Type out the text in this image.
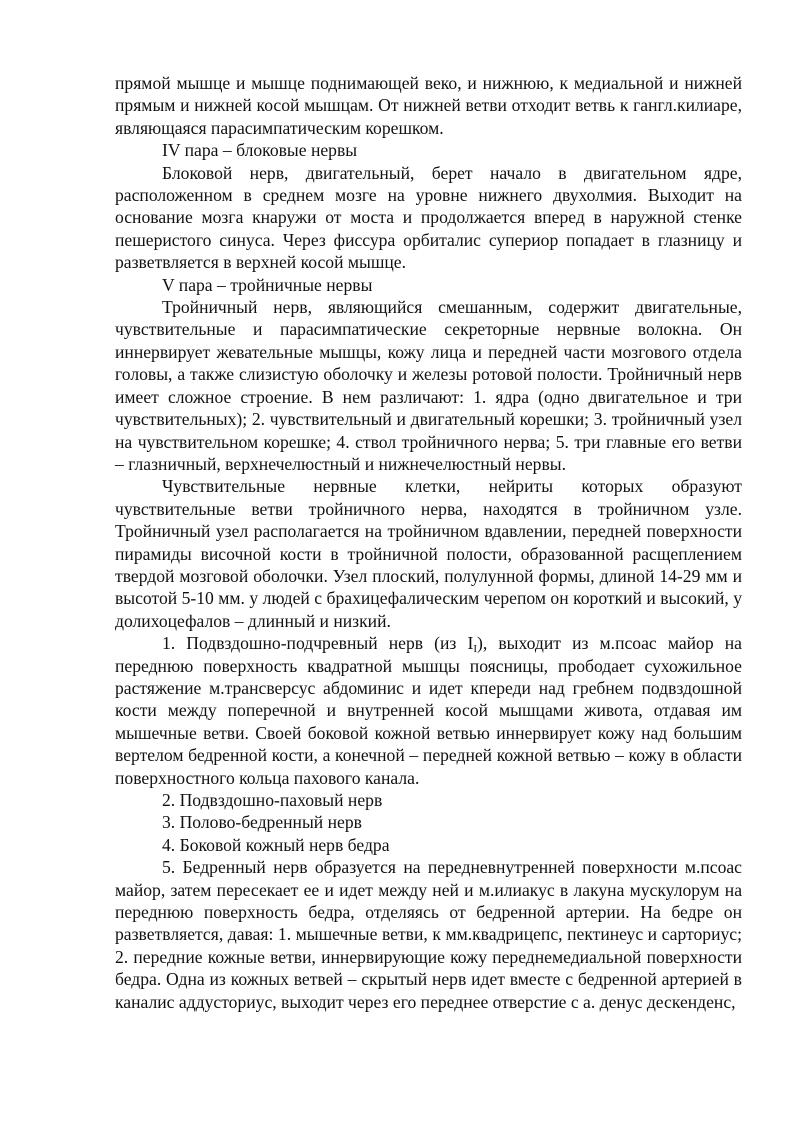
прямой мышце и мышце поднимающей веко, и нижнюю, к медиальной и нижней прямым и нижней косой мышцам. От нижней ветви отходит ветвь к гангл.килиаре, являющаяся парасимпатическим корешком.

IV пара – блоковые нервы

Блоковой нерв, двигательный, берет начало в двигательном ядре, расположенном в среднем мозге на уровне нижнего двухолмия. Выходит на основание мозга кнаружи от моста и продолжается вперед в наружной стенке пешеристого синуса. Через фиссура орбиталис супериор попадает в глазницу и разветвляется в верхней косой мышце.

V пара – тройничные нервы

Тройничный нерв, являющийся смешанным, содержит двигательные, чувствительные и парасимпатические секреторные нервные волокна. Он иннервирует жевательные мышцы, кожу лица и передней части мозгового отдела головы, а также слизистую оболочку и железы ротовой полости. Тройничный нерв имеет сложное строение. В нем различают: 1. ядра (одно двигательное и три чувствительных); 2. чувствительный и двигательный корешки; 3. тройничный узел на чувствительном корешке; 4. ствол тройничного нерва; 5. три главные его ветви – глазничный, верхнечелюстный и нижнечелюстный нервы.

Чувствительные нервные клетки, нейриты которых образуют чувствительные ветви тройничного нерва, находятся в тройничном узле. Тройничный узел располагается на тройничном вдавлении, передней поверхности пирамиды височной кости в тройничной полости, образованной расщеплением твердой мозговой оболочки. Узел плоский, полулунной формы, длиной 14-29 мм и высотой 5-10 мм. у людей с брахицефалическим черепом он короткий и высокий, у долихоцефалов – длинный и низкий.

1. Подвздошно-подчревный нерв (из $I_I$), выходит из м.псоас майор на переднюю поверхность квадратной мышцы поясницы, прободает сухожильное растяжение м.трансверсус абдоминис и идет кпереди над гребнем подвздошной кости между поперечной и внутренней косой мышцами живота, отдавая им мышечные ветви. Своей боковой кожной ветвью иннервирует кожу над большим вертелом бедренной кости, а конечной – передней кожной ветвью – кожу в области поверхностного кольца пахового канала.

2. Подвздошно-паховый нерв

3. Полово-бедренный нерв

4. Боковой кожный нерв бедра

5. Бедренный нерв образуется на передневнутренней поверхности м.псоас майор, затем пересекает ее и идет между ней и м.илиакус в лакуна мускулорум на переднюю поверхность бедра, отделяясь от бедренной артерии. На бедре он разветвляется, давая: 1. мышечные ветви, к мм.квадрицепс, пектинеус и сарториус; 2. передние кожные ветви, иннервирующие кожу переднемедиальной поверхности бедра. Одна из кожных ветвей – скрытый нерв идет вместе с бедренной артерией в каналис аддусториус, выходит через его переднее отверстие с а. денус дескенденс,
